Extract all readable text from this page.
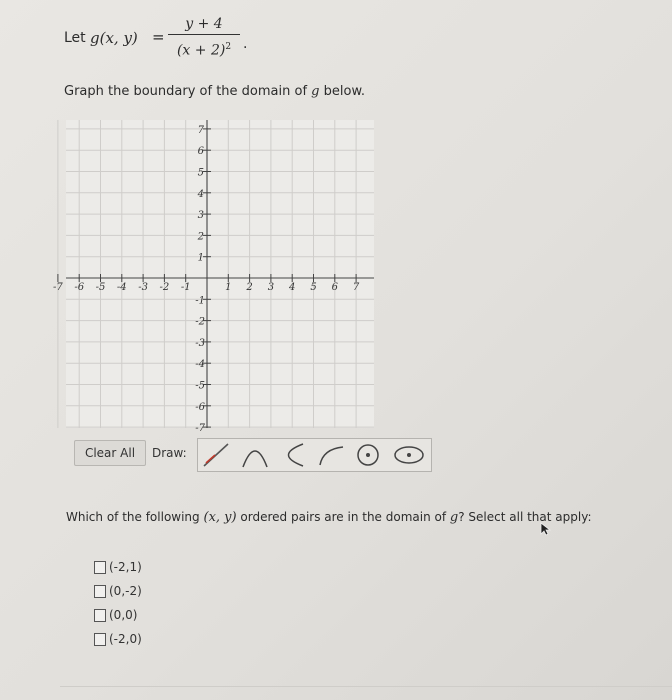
Let g(x, y) =
y + 4
$(x + 2)^2$ .
Graph the boundary of the domain of g below.
-7 -6 -5 -4 -3 -2 -1	1 2 3 4 5 6 7
1
2
3
4
5
6
7
-1
-2
-3
-4
-5
-6
-7
Clear All	Draw:
Which of the following (x, y) ordered pairs are in the domain of g? Select all that apply:
(-2,1)
(0,-2)
(0,0)
(-2,0)
